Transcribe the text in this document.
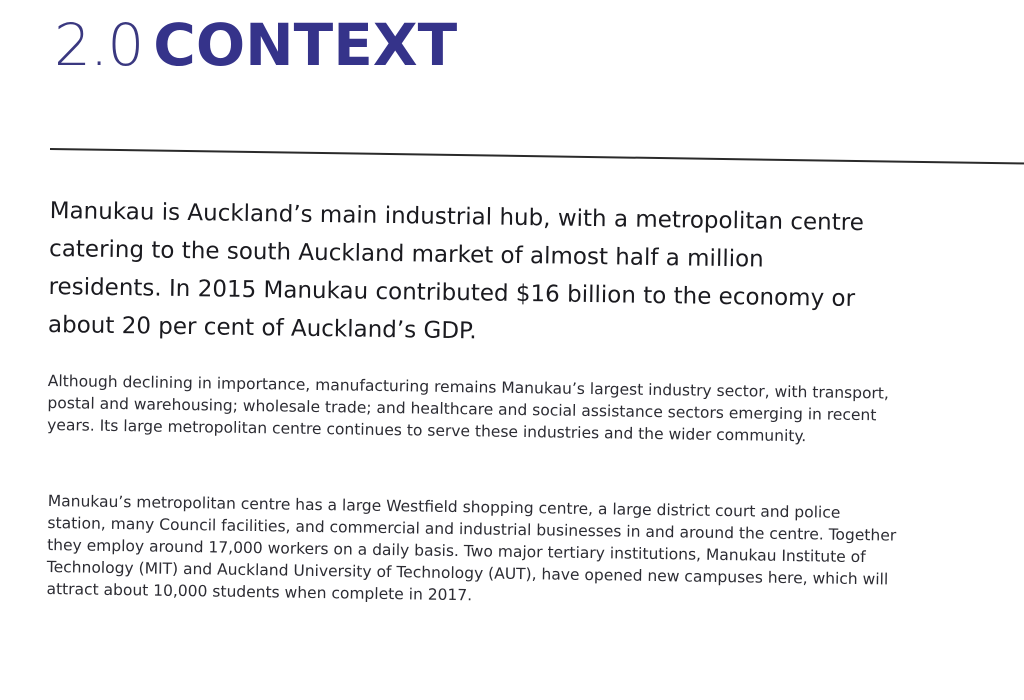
2.0 CONTEXT

Manukau is Auckland’s main industrial hub, with a metropolitan centre catering to the south Auckland market of almost half a million residents. In 2015 Manukau contributed $16 billion to the economy or about 20 per cent of Auckland’s GDP.

Although declining in importance, manufacturing remains Manukau’s largest industry sector, with transport, postal and warehousing; wholesale trade; and healthcare and social assistance sectors emerging in recent years. Its large metropolitan centre continues to serve these industries and the wider community.

Manukau’s metropolitan centre has a large Westfield shopping centre, a large district court and police station, many Council facilities, and commercial and industrial businesses in and around the centre. Together they employ around 17,000 workers on a daily basis. Two major tertiary institutions, Manukau Institute of Technology (MIT) and Auckland University of Technology (AUT), have opened new campuses here, which will attract about 10,000 students when complete in 2017.
